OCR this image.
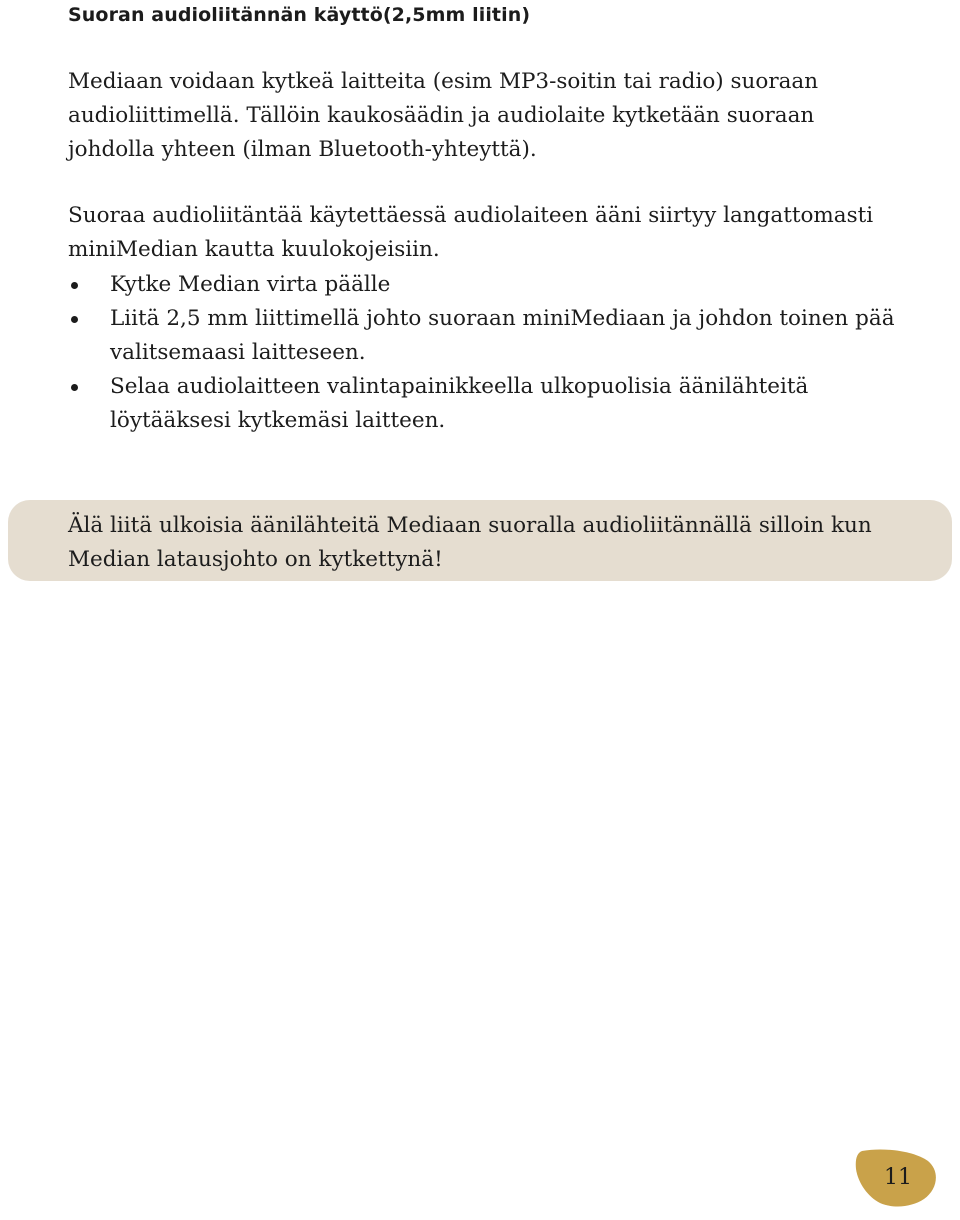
Suoran audioliitännän käyttö(2,5mm liitin)

Mediaan voidaan kytkeä laitteita (esim MP3-soitin tai radio) suoraan audioliittimellä. Tällöin kaukosäädin ja audiolaite kytketään suoraan johdolla yhteen (ilman Bluetooth-yhteyttä).

Suoraa audioliitäntää käytettäessä audiolaiteen ääni siirtyy langattomasti miniMedian kautta kuulokojeisiin.

Kytke Median virta päälle
Liitä 2,5 mm liittimellä johto suoraan miniMediaan ja johdon toinen pää valitsemaasi laitteseen.
Selaa audiolaitteen valintapainikkeella ulkopuolisia äänilähteitä löytääksesi kytkemäsi laitteen.

Älä liitä ulkoisia äänilähteitä Mediaan suoralla audioliitännällä silloin kun Median latausjohto on kytkettynä!

11
